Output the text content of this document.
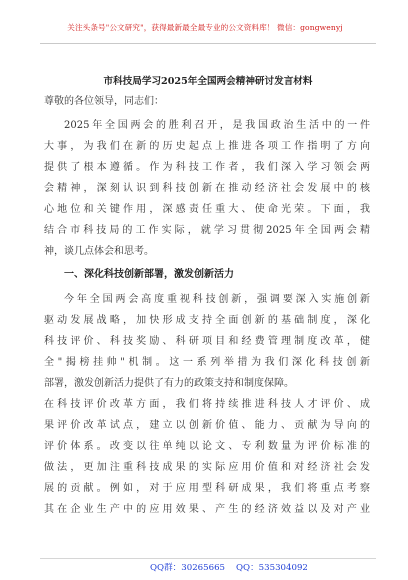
关注头条号"公文研究"，获得最新最全最专业的公文资料库！ 微信：gongwenyj
市科技局学习2025年全国两会精神研讨发言材料
尊敬的各位领导，同志们：
2025年全国两会的胜利召开，是我国政治生活中的一件
大事，为我们在新的历史起点上推进各项工作指明了方向
提供了根本遵循。作为科技工作者，我们深入学习领会两
会精神，深刻认识到科技创新在推动经济社会发展中的核
心地位和关键作用，深感责任重大、使命光荣。下面，我
结合市科技局的工作实际，就学习贯彻2025年全国两会精
神，谈几点体会和思考。
一、深化科技创新部署，激发创新活力
今年全国两会高度重视科技创新，强调要深入实施创新
驱动发展战略，加快形成支持全面创新的基础制度，深化
科技评价、科技奖励、科研项目和经费管理制度改革，健
全"揭榜挂帅"机制。这一系列举措为我们深化科技创新
部署，激发创新活力提供了有力的政策支持和制度保障。
在科技评价改革方面，我们将持续推进科技人才评价、成
果评价改革试点，建立以创新价值、能力、贡献为导向的
评价体系。改变以往单纯以论文、专利数量为评价标准的
做法，更加注重科技成果的实际应用价值和对经济社会发
展的贡献。例如，对于应用型科研成果，我们将重点考察
其在企业生产中的应用效果、产生的经济效益以及对产业
QQ群：30265665 QQ：535304092
